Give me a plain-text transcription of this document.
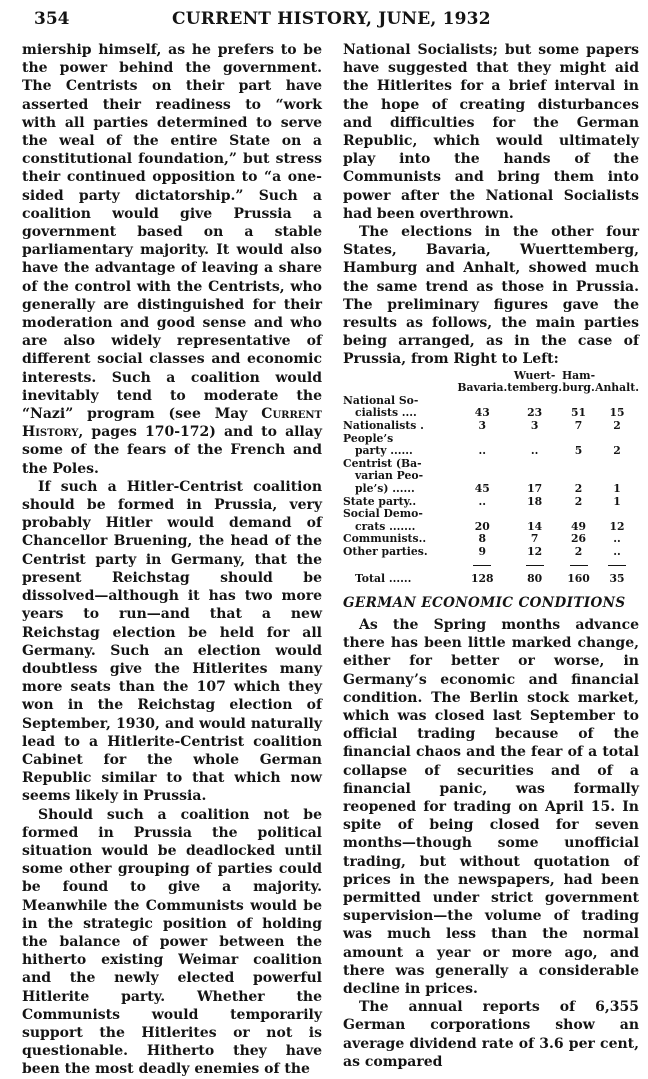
354	CURRENT HISTORY, JUNE, 1932

miership himself, as he prefers to be the power behind the government. The Centrists on their part have asserted their readiness to “work with all parties determined to serve the weal of the entire State on a constitutional foundation,” but stress their continued opposition to “a one-sided party dictatorship.” Such a coalition would give Prussia a government based on a stable parliamentary majority. It would also have the advantage of leaving a share of the control with the Centrists, who generally are distinguished for their moderation and good sense and who are also widely representative of different social classes and economic interests. Such a coalition would inevitably tend to moderate the “Nazi” program (see May Current History, pages 170-172) and to allay some of the fears of the French and the Poles.

If such a Hitler-Centrist coalition should be formed in Prussia, very probably Hitler would demand of Chancellor Bruening, the head of the Centrist party in Germany, that the present Reichstag should be dissolved—although it has two more years to run—and that a new Reichstag election be held for all Germany. Such an election would doubtless give the Hitlerites many more seats than the 107 which they won in the Reichstag election of September, 1930, and would naturally lead to a Hitlerite-Centrist coalition Cabinet for the whole German Republic similar to that which now seems likely in Prussia.

Should such a coalition not be formed in Prussia the political situation would be deadlocked until some other grouping of parties could be found to give a majority. Meanwhile the Communists would be in the strategic position of holding the balance of power between the hitherto existing Weimar coalition and the newly elected powerful Hitlerite party. Whether the Communists would temporarily support the Hitlerites or not is questionable. Hitherto they have been the most deadly enemies of the

National Socialists; but some papers have suggested that they might aid the Hitlerites for a brief interval in the hope of creating disturbances and difficulties for the German Republic, which would ultimately play into the hands of the Communists and bring them into power after the National Socialists had been overthrown.

The elections in the other four States, Bavaria, Wuerttemberg, Hamburg and Anhalt, showed much the same trend as those in Prussia. The preliminary figures gave the results as follows, the main parties being arranged, as in the case of Prussia, from Right to Left:

		Wuert-	Ham-	
	Bavaria.	temberg.	burg.	Anhalt.
National So-				
cialists ....	43	23	51	15
Nationalists .	3	3	7	2
People’s				
party ......	..	..	5	2
Centrist (Ba-				
varian Peo-				
ple’s) ......	45	17	2	1
State party..	..	18	2	1
Social Demo-				
crats .......	20	14	49	12
Communists..	8	7	26	..
Other parties.	9	12	2	..

Total ......	128	80	160	35
GERMAN ECONOMIC CONDITIONS

As the Spring months advance there has been little marked change, either for better or worse, in Germany’s economic and financial condition. The Berlin stock market, which was closed last September to official trading because of the financial chaos and the fear of a total collapse of securities and of a financial panic, was formally reopened for trading on April 15. In spite of being closed for seven months—though some unofficial trading, but without quotation of prices in the newspapers, had been permitted under strict government supervision—the volume of trading was much less than the normal amount a year or more ago, and there was generally a considerable decline in prices.

The annual reports of 6,355 German corporations show an average dividend rate of 3.6 per cent, as compared
